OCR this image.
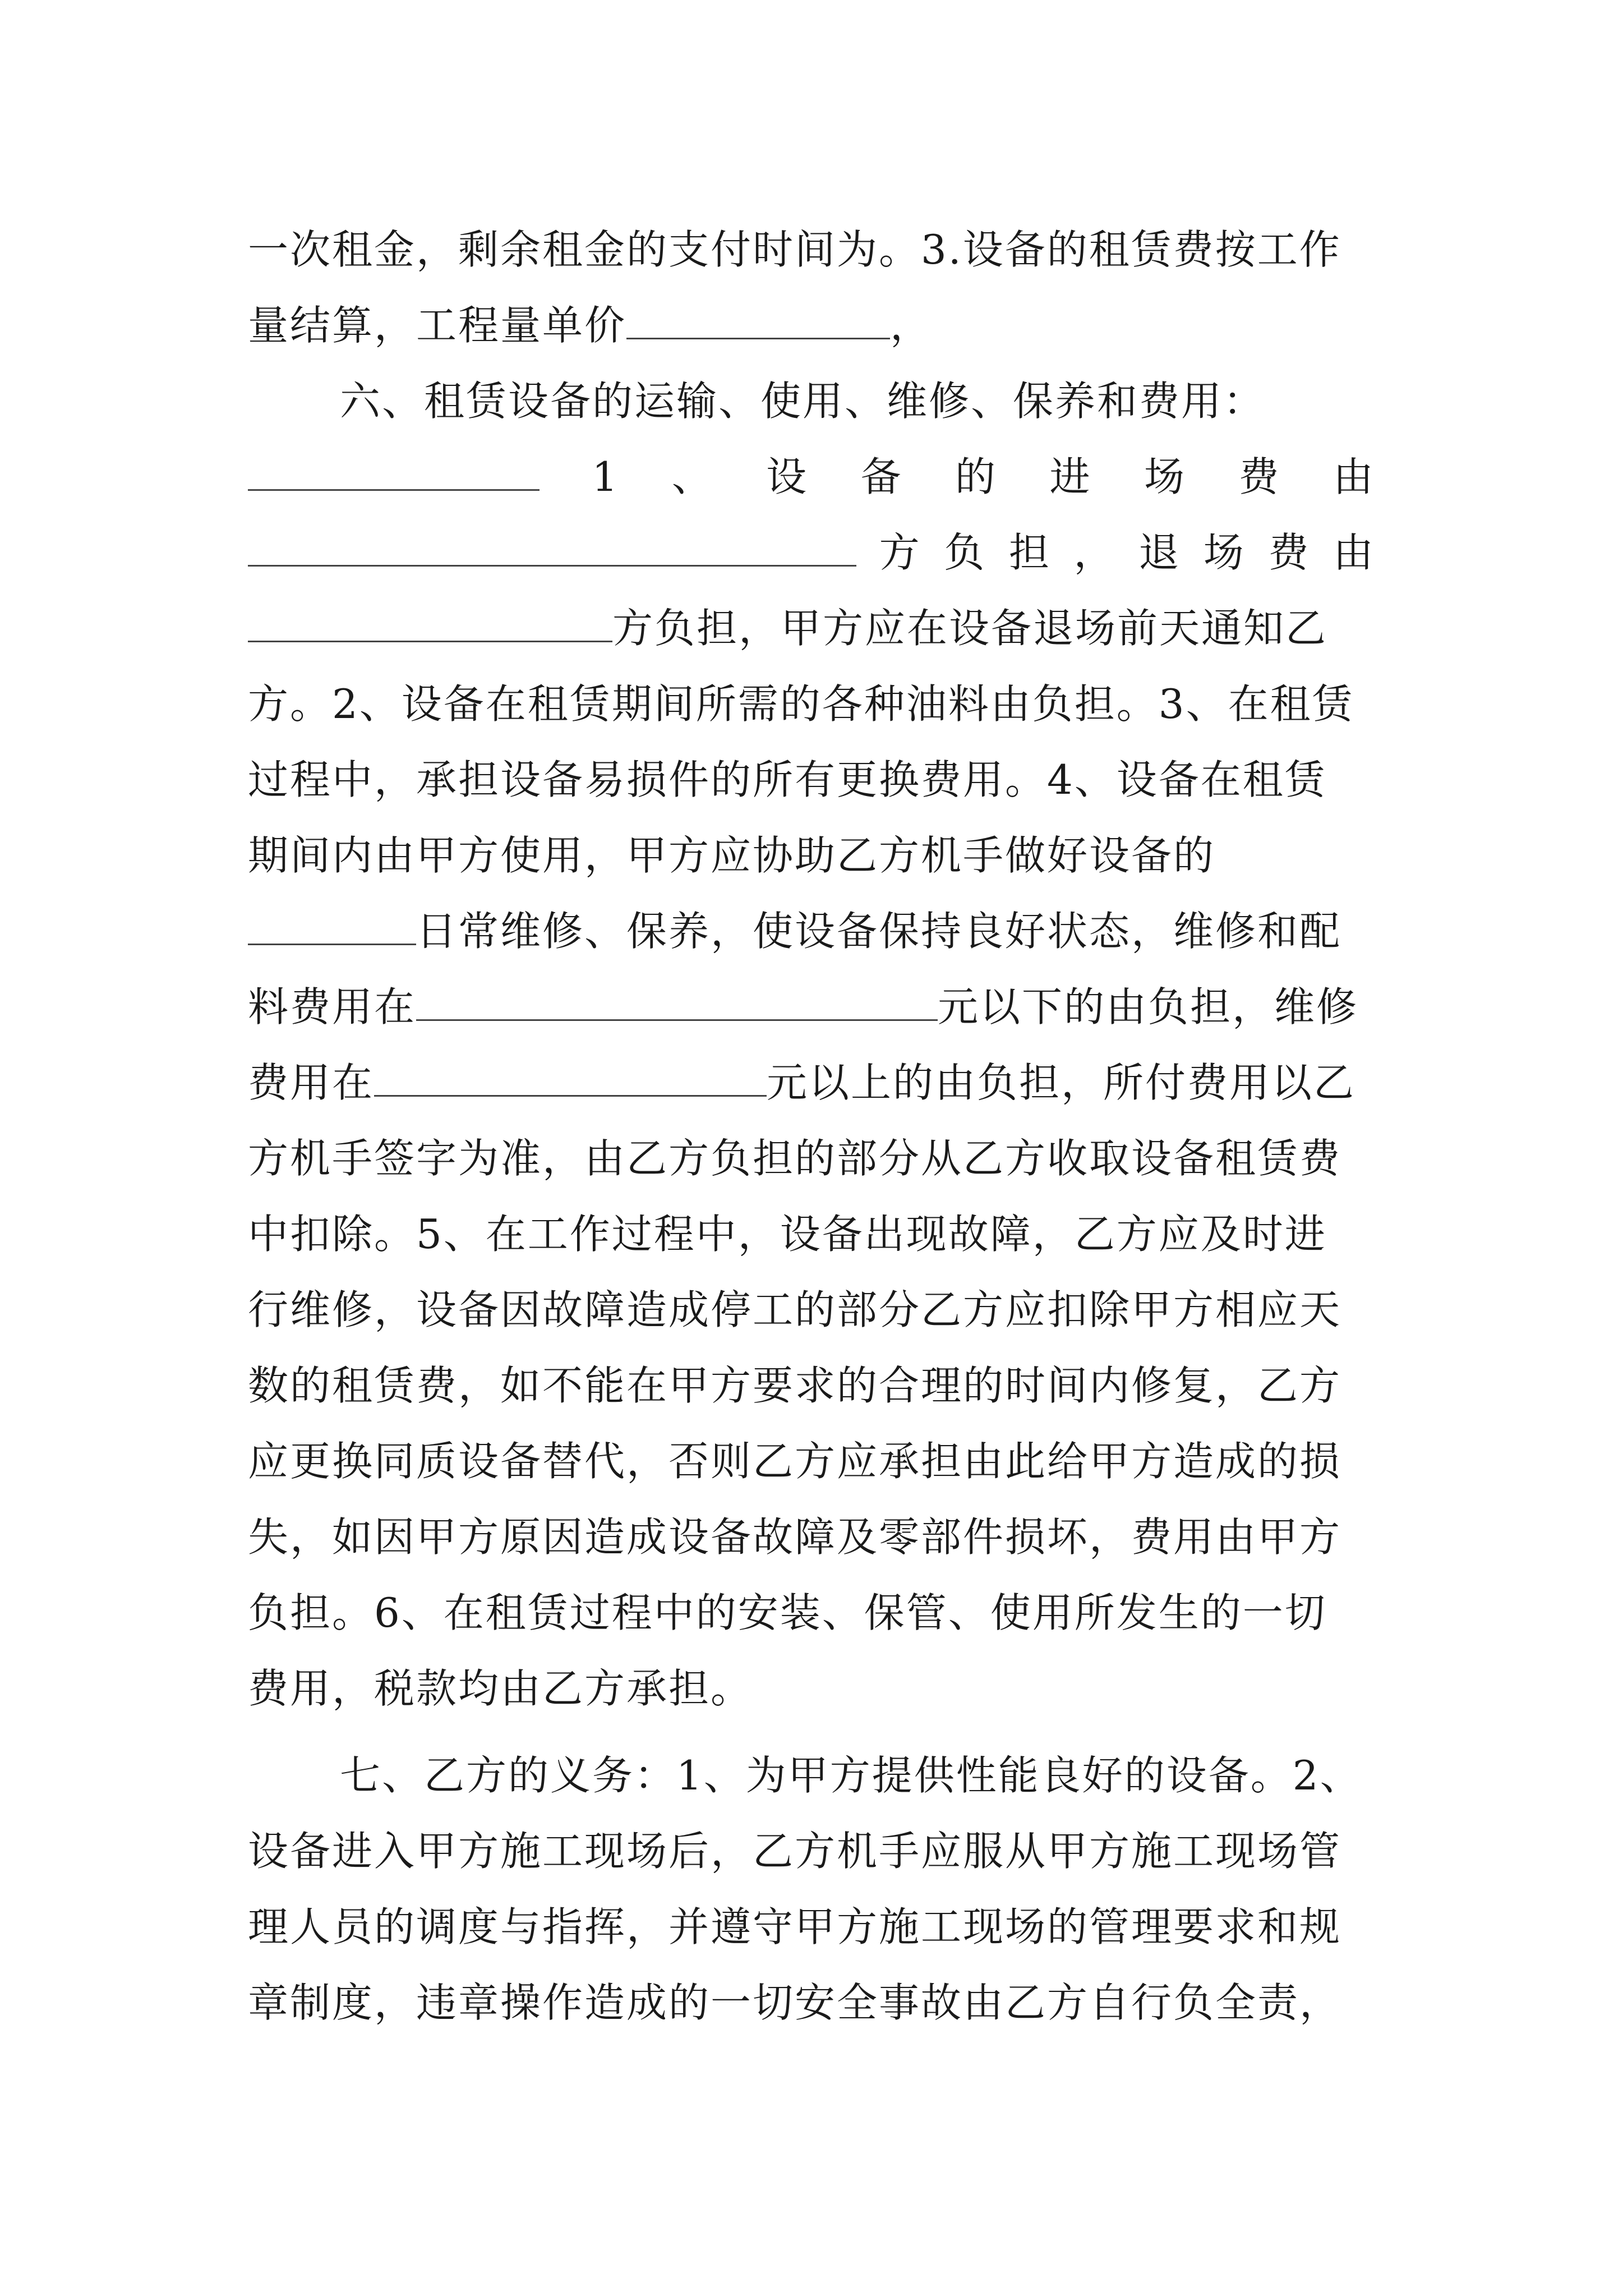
一次租金，剩余租金的支付时间为。3.设备的租赁费按工作
量结算，工程量单价	，
六、租赁设备的运输、使用、维修、保养和费用：
1 、 设 备 的 进 场 费 由
方 负 担 ， 退 场 费 由
方负担，甲方应在设备退场前天通知乙
方。2、设备在租赁期间所需的各种油料由负担。3、在租赁
过程中，承担设备易损件的所有更换费用。4、设备在租赁
期间内由甲方使用，甲方应协助乙方机手做好设备的
日常维修、保养，使设备保持良好状态，维修和配
料费用在	元以下的由负担，维修
费用在	元以上的由负担，所付费用以乙
方机手签字为准，由乙方负担的部分从乙方收取设备租赁费
中扣除。5、在工作过程中，设备出现故障，乙方应及时进
行维修，设备因故障造成停工的部分乙方应扣除甲方相应天
数的租赁费，如不能在甲方要求的合理的时间内修复，乙方
应更换同质设备替代，否则乙方应承担由此给甲方造成的损
失，如因甲方原因造成设备故障及零部件损坏，费用由甲方
负担。6、在租赁过程中的安装、保管、使用所发生的一切
费用，税款均由乙方承担。
七、乙方的义务：1、为甲方提供性能良好的设备。2、
设备进入甲方施工现场后，乙方机手应服从甲方施工现场管
理人员的调度与指挥，并遵守甲方施工现场的管理要求和规
章制度，违章操作造成的一切安全事故由乙方自行负全责，
